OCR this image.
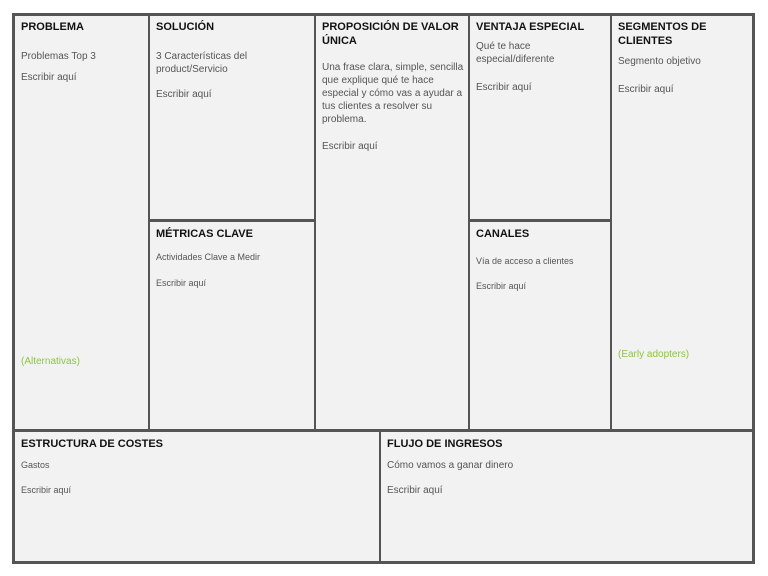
PROBLEMA
Problemas Top 3
Escribir aquí
(Alternativas)
SOLUCIÓN
3 Características del product/Servicio
Escribir aquí
MÉTRICAS CLAVE
Actividades Clave a Medir
Escribir aquí
PROPOSICIÓN DE VALOR ÚNICA
Una frase clara, simple, sencilla que explique qué te hace especial y cómo vas a ayudar a tus clientes a resolver su problema.
Escribir aquí
VENTAJA ESPECIAL
Qué te hace especial/diferente
Escribir aquí
CANALES
Vía de acceso a clientes
Escribir aquí
SEGMENTOS DE CLIENTES
Segmento objetivo
Escribir aquí
(Early adopters)
ESTRUCTURA DE COSTES
Gastos
Escribir aquí
FLUJO DE INGRESOS
Cómo vamos a ganar dinero
Escribir aquí
